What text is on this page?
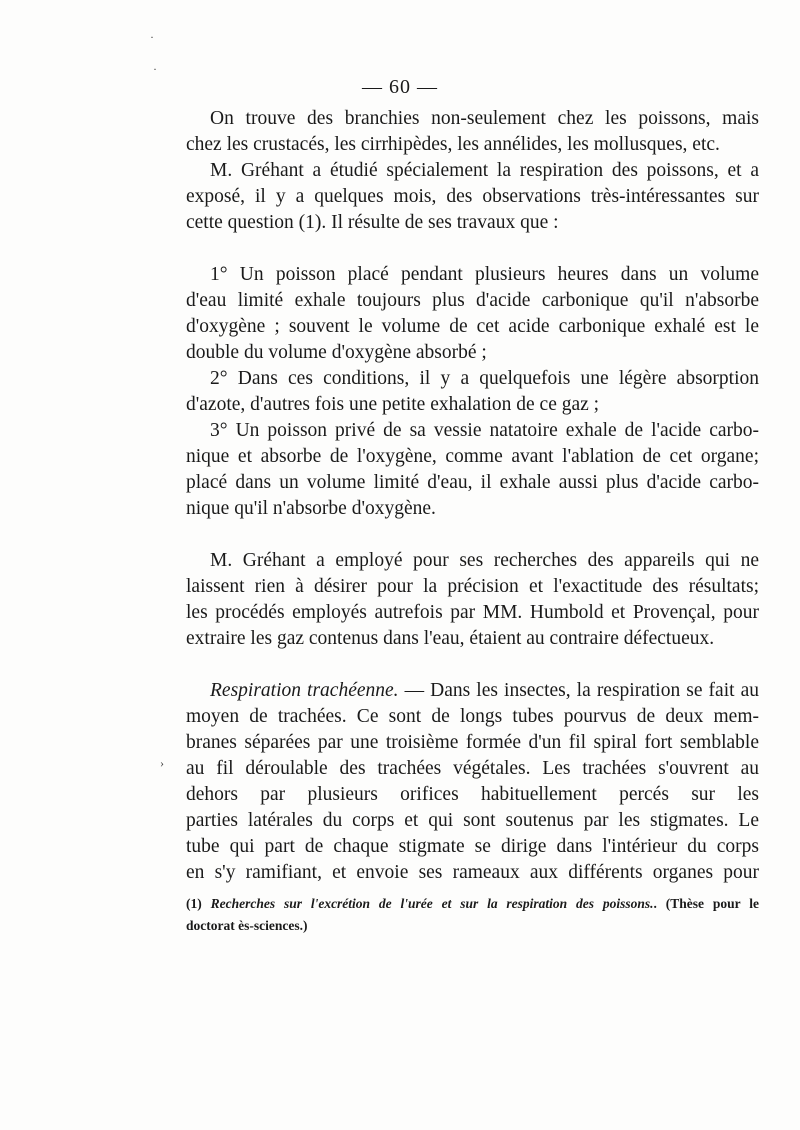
— 60 —
On trouve des branchies non-seulement chez les poissons, mais
chez les crustacés, les cirrhipèdes, les annélides, les mollusques, etc.
M. Gréhant a étudié spécialement la respiration des poissons, et a
exposé, il y a quelques mois, des observations très-intéressantes sur
cette question (1). Il résulte de ses travaux que :
1° Un poisson placé pendant plusieurs heures dans un volume
d'eau limité exhale toujours plus d'acide carbonique qu'il n'absorbe
d'oxygène ; souvent le volume de cet acide carbonique exhalé est le
double du volume d'oxygène absorbé ;
2° Dans ces conditions, il y a quelquefois une légère absorption
d'azote, d'autres fois une petite exhalation de ce gaz ;
3° Un poisson privé de sa vessie natatoire exhale de l'acide carbo-
nique et absorbe de l'oxygène, comme avant l'ablation de cet organe;
placé dans un volume limité d'eau, il exhale aussi plus d'acide carbo-
nique qu'il n'absorbe d'oxygène.
M. Gréhant a employé pour ses recherches des appareils qui ne
laissent rien à désirer pour la précision et l'exactitude des résultats;
les procédés employés autrefois par MM. Humbold et Provençal, pour
extraire les gaz contenus dans l'eau, étaient au contraire défectueux.
Respiration trachéenne. — Dans les insectes, la respiration se fait au
moyen de trachées. Ce sont de longs tubes pourvus de deux mem-
branes séparées par une troisième formée d'un fil spiral fort semblable
au fil déroulable des trachées végétales. Les trachées s'ouvrent au
dehors par plusieurs orifices habituellement percés sur les
parties latérales du corps et qui sont soutenus par les stigmates. Le
tube qui part de chaque stigmate se dirige dans l'intérieur du corps
en s'y ramifiant, et envoie ses rameaux aux différents organes pour
(1) Recherches sur l'excrétion de l'urée et sur la respiration des poissons.. (Thèse pour le
doctorat ès-sciences.)
›
·
·
